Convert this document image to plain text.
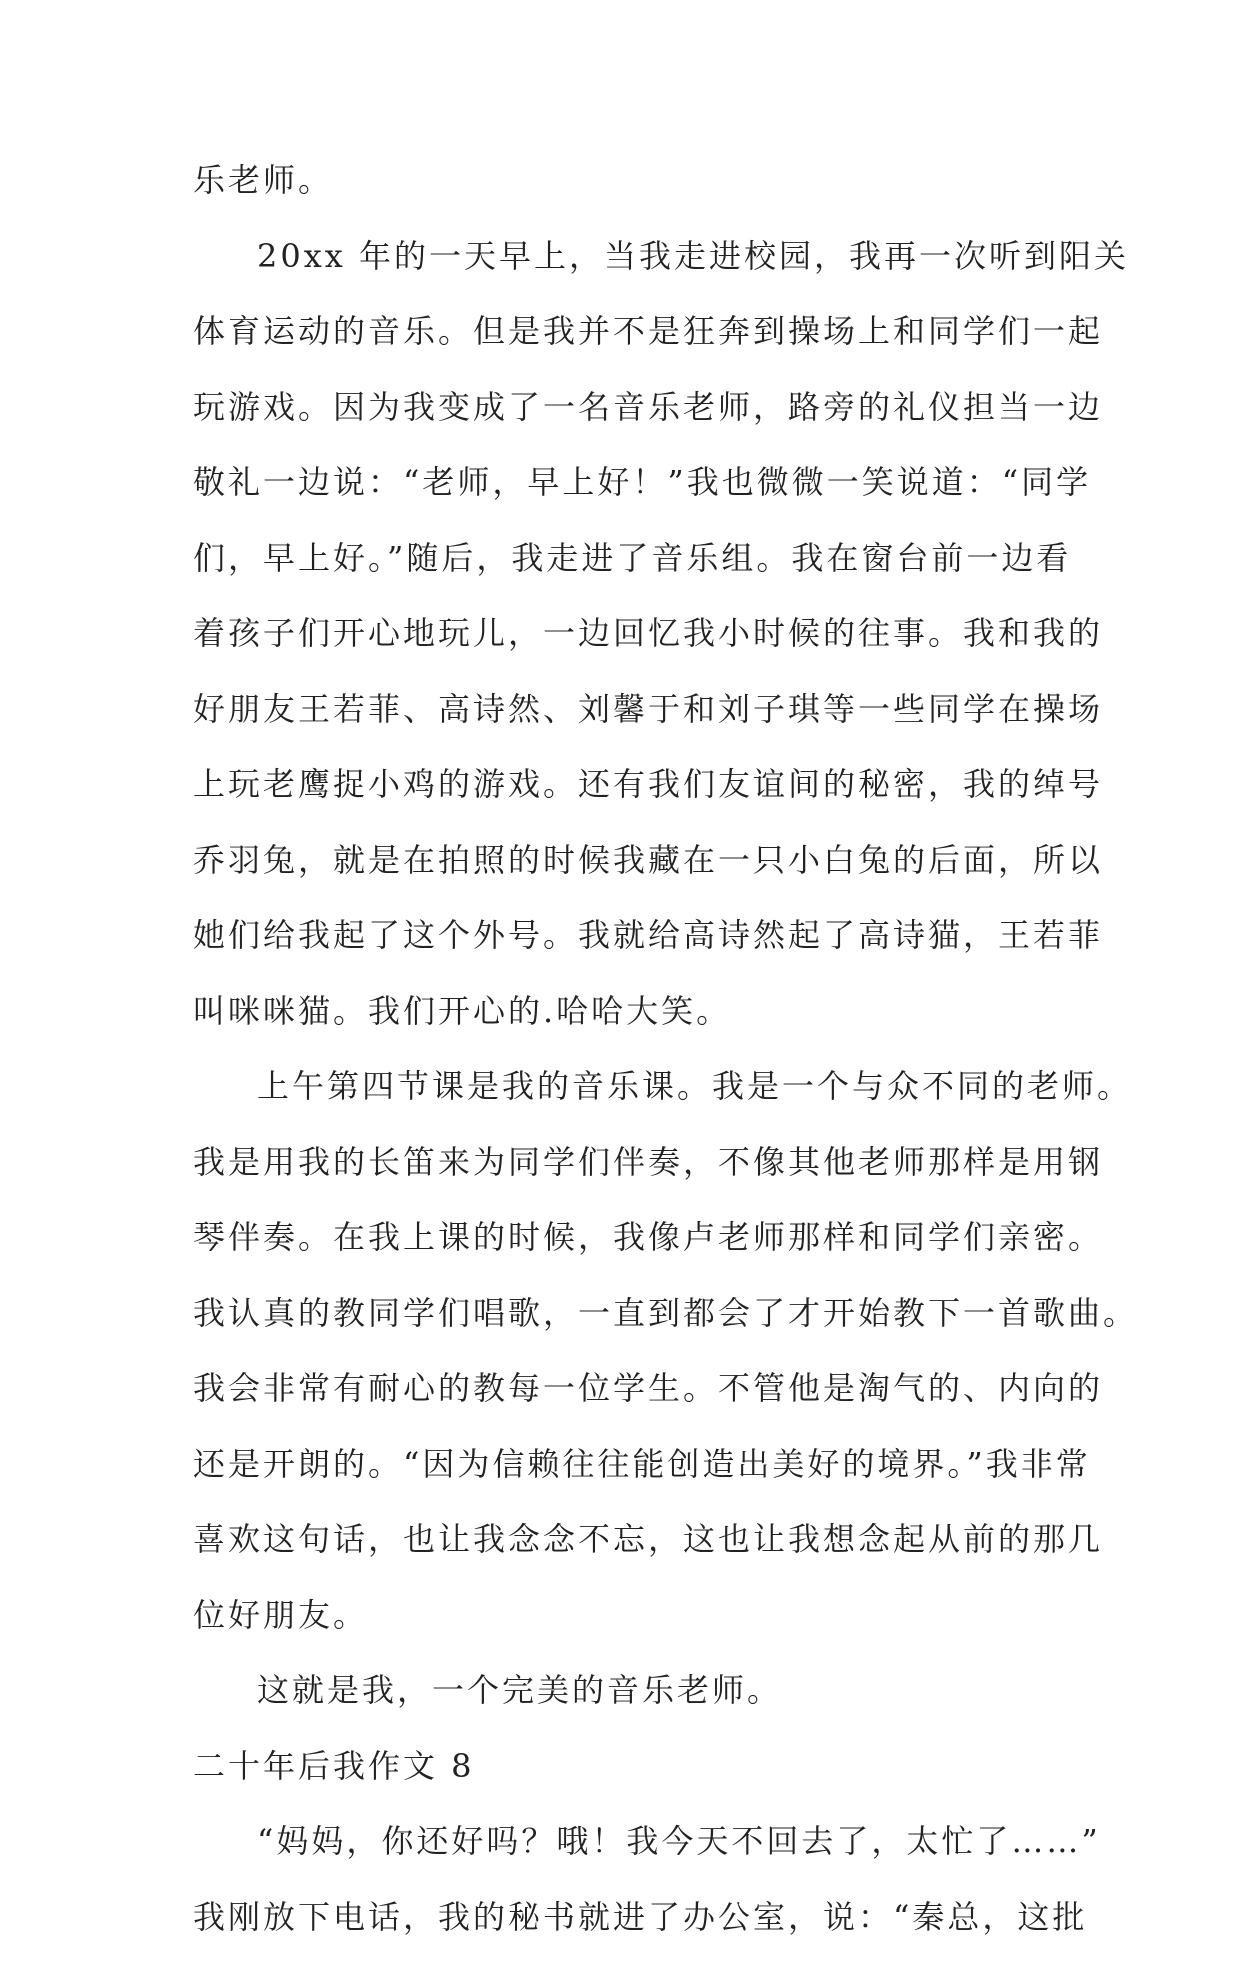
乐老师。
20xx 年的一天早上，当我走进校园，我再一次听到阳关
体育运动的音乐。但是我并不是狂奔到操场上和同学们一起
玩游戏。因为我变成了一名音乐老师，路旁的礼仪担当一边
敬礼一边说：“老师，早上好！”我也微微一笑说道：“同学
们，早上好。”随后，我走进了音乐组。我在窗台前一边看
着孩子们开心地玩儿，一边回忆我小时候的往事。我和我的
好朋友王若菲、高诗然、刘馨于和刘子琪等一些同学在操场
上玩老鹰捉小鸡的游戏。还有我们友谊间的秘密，我的绰号
乔羽兔，就是在拍照的时候我藏在一只小白兔的后面，所以
她们给我起了这个外号。我就给高诗然起了高诗猫，王若菲
叫咪咪猫。我们开心的.哈哈大笑。
上午第四节课是我的音乐课。我是一个与众不同的老师。
我是用我的长笛来为同学们伴奏，不像其他老师那样是用钢
琴伴奏。在我上课的时候，我像卢老师那样和同学们亲密。
我认真的教同学们唱歌，一直到都会了才开始教下一首歌曲。
我会非常有耐心的教每一位学生。不管他是淘气的、内向的
还是开朗的。“因为信赖往往能创造出美好的境界。”我非常
喜欢这句话，也让我念念不忘，这也让我想念起从前的那几
位好朋友。
这就是我，一个完美的音乐老师。
二十年后我作文 8
“妈妈，你还好吗？哦！我今天不回去了，太忙了……”
我刚放下电话，我的秘书就进了办公室，说：“秦总，这批
